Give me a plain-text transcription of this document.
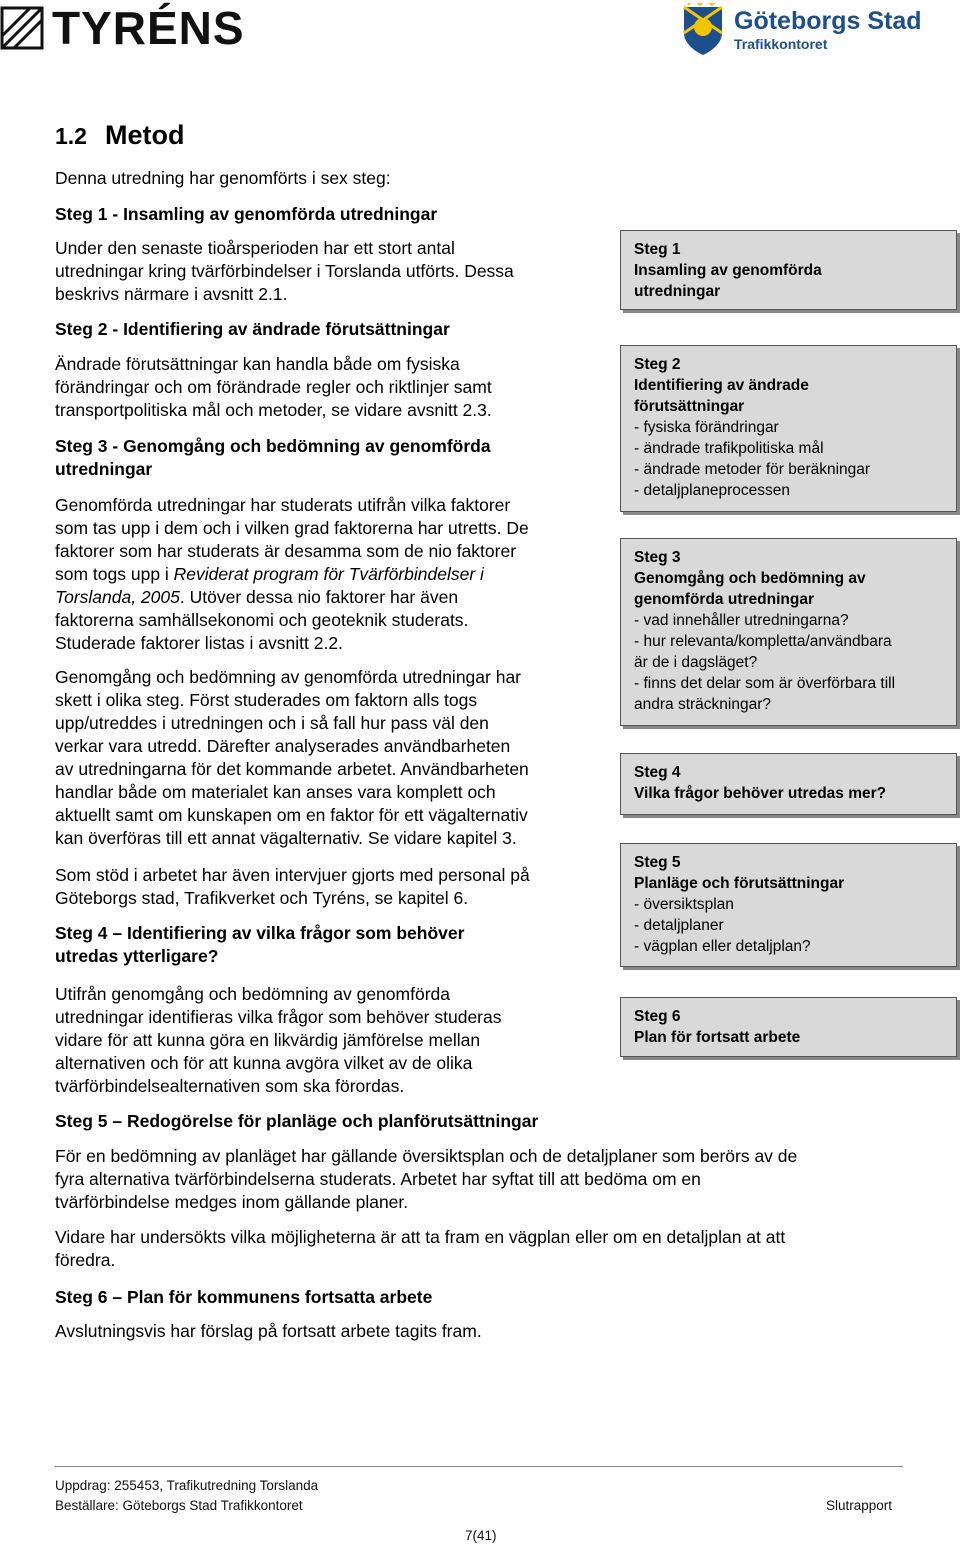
TYRÉNS	Göteborgs Stad
Trafikkontoret
1.2 Metod
Denna utredning har genomförts i sex steg:
Steg 1 - Insamling av genomförda utredningar
Under den senaste tioårsperioden har ett stort antal
utredningar kring tvärförbindelser i Torslanda utförts. Dessa
beskrivs närmare i avsnitt 2.1.
Steg 2 - Identifiering av ändrade förutsättningar
Ändrade förutsättningar kan handla både om fysiska
förändringar och om förändrade regler och riktlinjer samt
transportpolitiska mål och metoder, se vidare avsnitt 2.3.
Steg 3 - Genomgång och bedömning av genomförda
utredningar
Genomförda utredningar har studerats utifrån vilka faktorer
som tas upp i dem och i vilken grad faktorerna har utretts. De
faktorer som har studerats är desamma som de nio faktorer
som togs upp i Reviderat program för Tvärförbindelser i
Torslanda, 2005. Utöver dessa nio faktorer har även
faktorerna samhällsekonomi och geoteknik studerats.
Studerade faktorer listas i avsnitt 2.2.
Genomgång och bedömning av genomförda utredningar har
skett i olika steg. Först studerades om faktorn alls togs
upp/utreddes i utredningen och i så fall hur pass väl den
verkar vara utredd. Därefter analyserades användbarheten
av utredningarna för det kommande arbetet. Användbarheten
handlar både om materialet kan anses vara komplett och
aktuellt samt om kunskapen om en faktor för ett vägalternativ
kan överföras till ett annat vägalternativ. Se vidare kapitel 3.
Som stöd i arbetet har även intervjuer gjorts med personal på
Göteborgs stad, Trafikverket och Tyréns, se kapitel 6.
Steg 4 – Identifiering av vilka frågor som behöver
utredas ytterligare?
Utifrån genomgång och bedömning av genomförda
utredningar identifieras vilka frågor som behöver studeras
vidare för att kunna göra en likvärdig jämförelse mellan
alternativen och för att kunna avgöra vilket av de olika
tvärförbindelsealternativen som ska förordas.
Steg 5 – Redogörelse för planläge och planförutsättningar
För en bedömning av planläget har gällande översiktsplan och de detaljplaner som berörs av de
fyra alternativa tvärförbindelserna studerats. Arbetet har syftat till att bedöma om en
tvärförbindelse medges inom gällande planer.
Vidare har undersökts vilka möjligheterna är att ta fram en vägplan eller om en detaljplan at att
föredra.
Steg 6 – Plan för kommunens fortsatta arbete
Avslutningsvis har förslag på fortsatt arbete tagits fram.
Steg 1
Insamling av genomförda
utredningar
Steg 2
Identifiering av ändrade
förutsättningar
- fysiska förändringar
- ändrade trafikpolitiska mål
- ändrade metoder för beräkningar
- detaljplaneprocessen
Steg 3
Genomgång och bedömning av
genomförda utredningar
- vad innehåller utredningarna?
- hur relevanta/kompletta/användbara
är de i dagsläget?
- finns det delar som är överförbara till
andra sträckningar?
Steg 4
Vilka frågor behöver utredas mer?
Steg 5
Planläge och förutsättningar
- översiktsplan
- detaljplaner
- vägplan eller detaljplan?
Steg 6
Plan för fortsatt arbete
Uppdrag: 255453, Trafikutredning Torslanda
Beställare: Göteborgs Stad Trafikkontoret	Slutrapport
7(41)
